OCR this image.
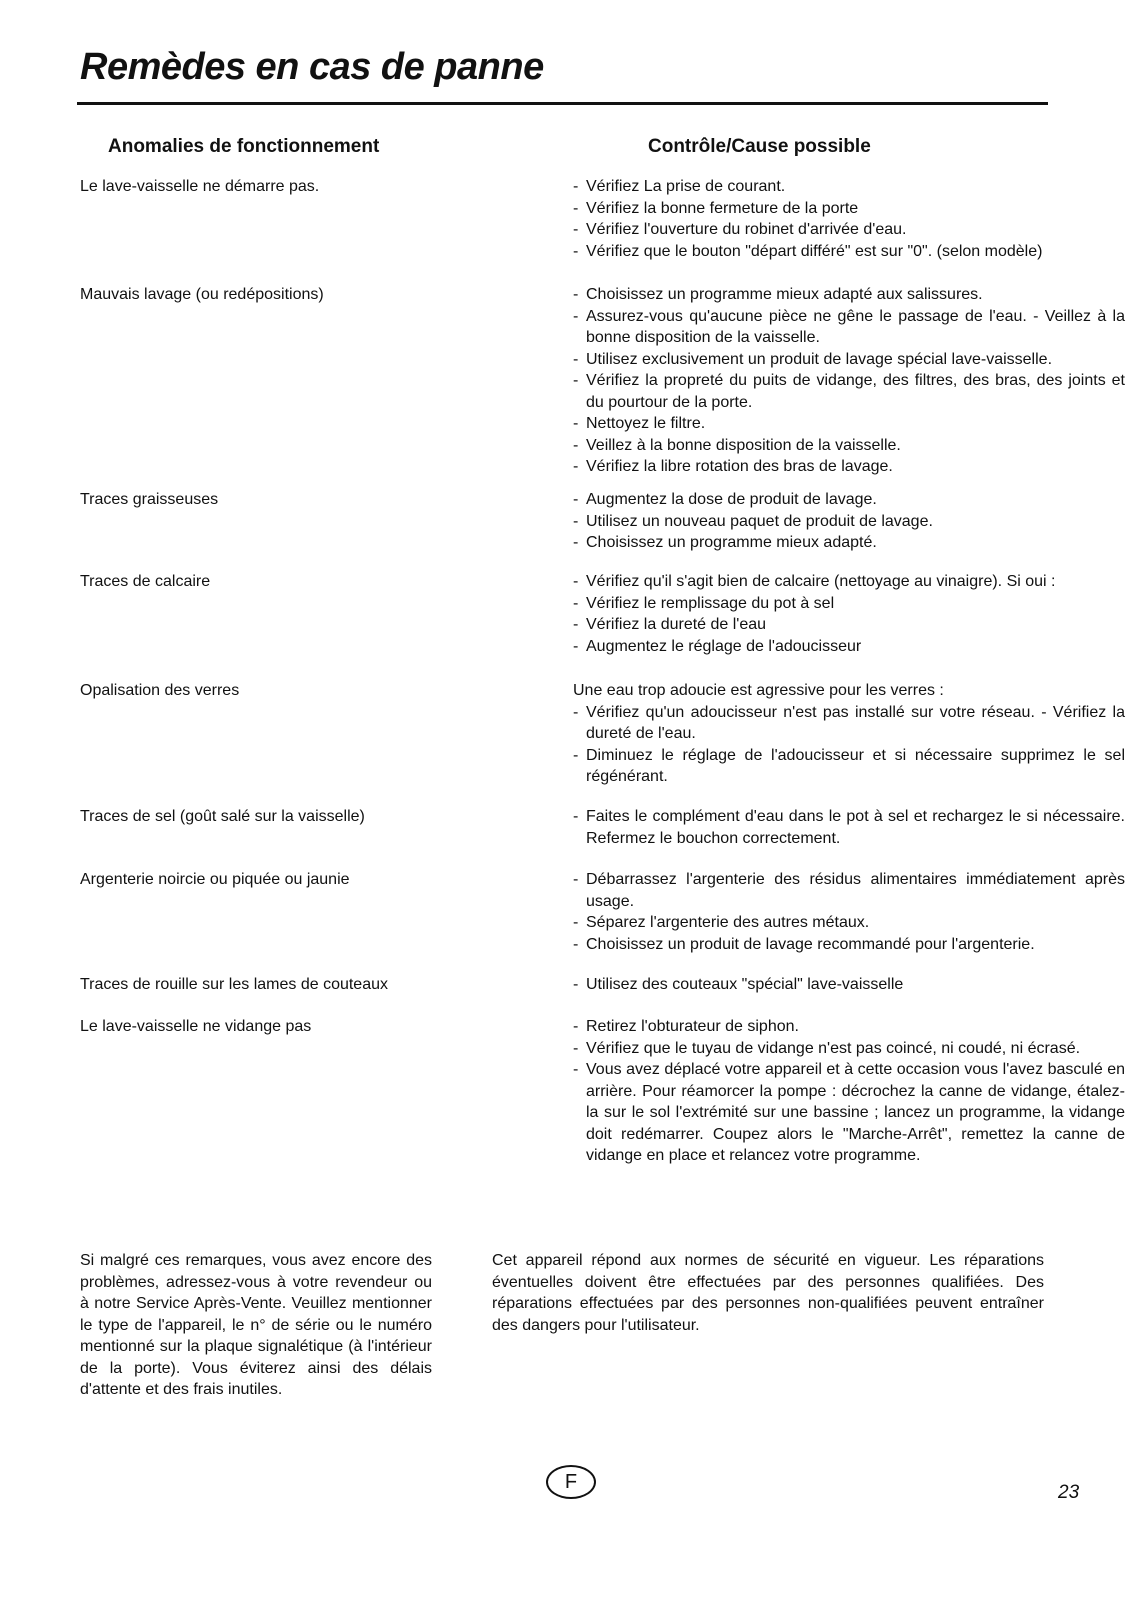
Remèdes en cas de panne
Anomalies de fonctionnement	Contrôle/Cause possible
Le lave-vaisselle ne démarre pas.	- Vérifiez La prise de courant.
- Vérifiez la bonne fermeture de la porte
- Vérifiez l'ouverture du robinet d'arrivée d'eau.
- Vérifiez que le bouton "départ différé" est sur "0". (selon modèle)
Mauvais lavage (ou redépositions)	- Choisissez un programme mieux adapté aux salissures.
- Assurez-vous qu'aucune pièce ne gêne le passage de l'eau. - Veillez à la bonne disposition de la vaisselle.
- Utilisez exclusivement un produit de lavage spécial lave-vaisselle.
- Vérifiez la propreté du puits de vidange, des filtres, des bras, des joints et du pourtour de la porte.
- Nettoyez le filtre.
- Veillez à la bonne disposition de la vaisselle.
- Vérifiez la libre rotation des bras de lavage.
Traces graisseuses	- Augmentez la dose de produit de lavage.
- Utilisez un nouveau paquet de produit de lavage.
- Choisissez un programme mieux adapté.
Traces de calcaire	- Vérifiez qu'il s'agit bien de calcaire (nettoyage au vinaigre). Si oui :
- Vérifiez le remplissage du pot à sel
- Vérifiez la dureté de l'eau
- Augmentez le réglage de l'adoucisseur
Opalisation des verres	Une eau trop adoucie est agressive pour les verres :
- Vérifiez qu'un adoucisseur n'est pas installé sur votre réseau. - Vérifiez la dureté de l'eau.
- Diminuez le réglage de l'adoucisseur et si nécessaire supprimez le sel régénérant.
Traces de sel (goût salé sur la vaisselle)	- Faites le complément d'eau dans le pot à sel et rechargez le si nécessaire. Refermez le bouchon correctement.
Argenterie noircie ou piquée ou jaunie	- Débarrassez l'argenterie des résidus alimentaires immédiatement après usage.
- Séparez l'argenterie des autres métaux.
- Choisissez un produit de lavage recommandé pour l'argenterie.
Traces de rouille sur les lames de couteaux	- Utilisez des couteaux "spécial" lave-vaisselle
Le lave-vaisselle ne vidange pas	- Retirez l'obturateur de siphon.
- Vérifiez que le tuyau de vidange n'est pas coincé, ni coudé, ni écrasé.
- Vous avez déplacé votre appareil et à cette occasion vous l'avez basculé en arrière. Pour réamorcer la pompe : décrochez la canne de vidange, étalez-la sur le sol l'extrémité sur une bassine ; lancez un programme, la vidange doit redémarrer. Coupez alors le "Marche-Arrêt", remettez la canne de vidange en place et relancez votre programme.
Si malgré ces remarques, vous avez encore des problèmes, adressez-vous à votre revendeur ou à notre Service Après-Vente. Veuillez mentionner le type de l'appareil, le n° de série ou le numéro mentionné sur la plaque signalétique (à l'intérieur de la porte). Vous éviterez ainsi des délais d'attente et des frais inutiles.
Cet appareil répond aux normes de sécurité en vigueur. Les réparations éventuelles doivent être effectuées par des personnes qualifiées. Des réparations effectuées par des personnes non-qualifiées peuvent entraîner des dangers pour l'utilisateur.
F	23
